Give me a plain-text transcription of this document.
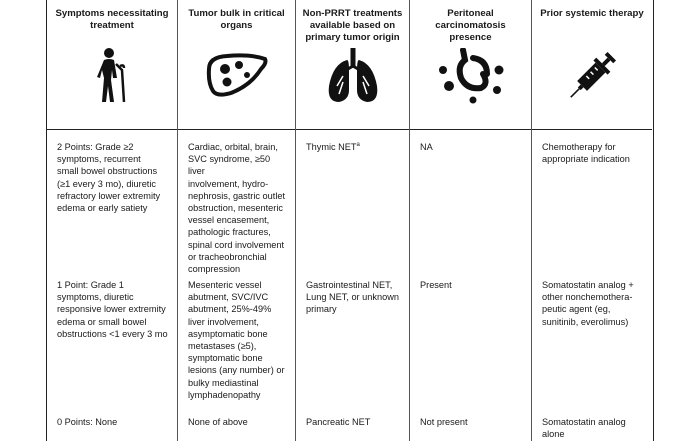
Symptoms necessitating treatment
2 Points: Grade ≥2
symptoms, recurrent
small bowel obstructions
(≥1 every 3 mo), diuretic
refractory lower extremity
edema or early satiety
1 Point: Grade 1
symptoms, diuretic
responsive lower extremity
edema or small bowel
obstructions <1 every 3 mo
0 Points: None
Tumor bulk in critical organs
Cardiac, orbital, brain,
SVC syndrome, ≥50 liver
involvement, hydro-
nephrosis, gastric outlet
obstruction, mesenteric
vessel encasement,
pathologic fractures,
spinal cord involvement
or tracheobronchial
compression
Mesenteric vessel
abutment, SVC/IVC
abutment, 25%-49%
liver involvement,
asymptomatic bone
metastases (≥5),
symptomatic bone
lesions (any number) or
bulky mediastinal
lymphadenopathy
None of above
Non-PRRT treatments available based on primary tumor origin
Thymic NET$^a$
Gastrointestinal NET,
Lung NET, or unknown
primary
Pancreatic NET
Peritoneal carcinomatosis presence
NA
Present
Not present
Prior systemic therapy
Chemotherapy for
appropriate indication
Somatostatin analog +
other nonchemothera-
peutic agent (eg,
sunitinib, everolimus)
Somatostatin analog
alone
